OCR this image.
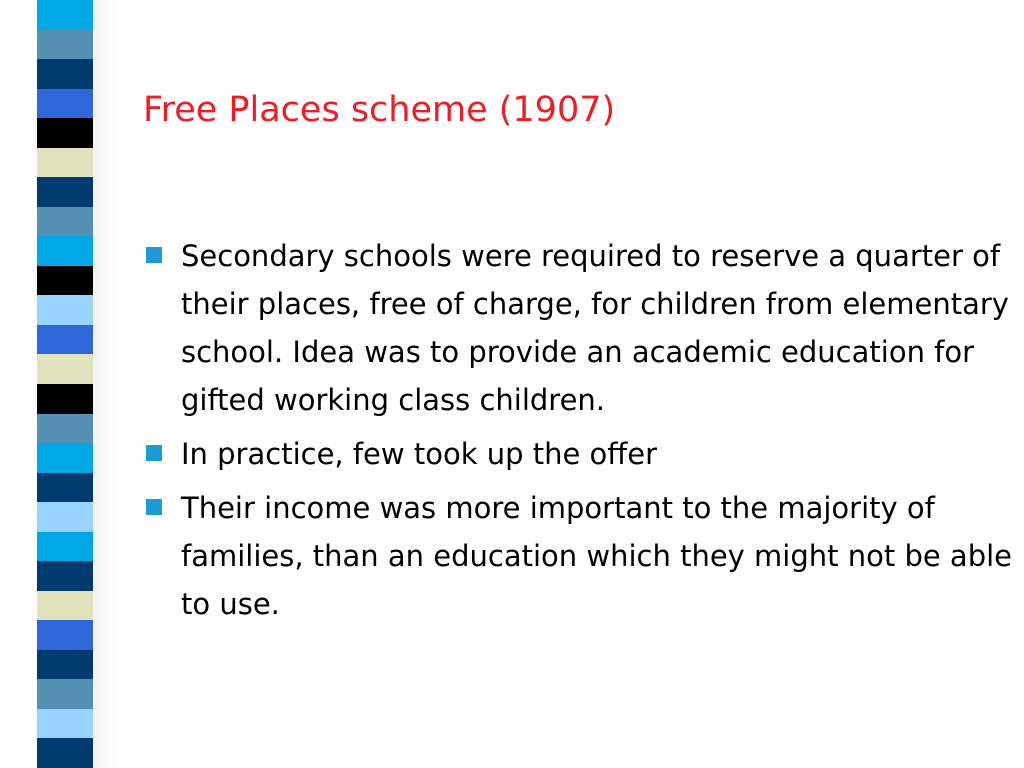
Free Places scheme (1907)
Secondary schools were required to reserve a quarter of their places, free of charge, for children from elementary school. Idea was to provide an academic education for gifted working class children.
In practice, few took up the offer
Their income was more important to the majority of families, than an education which they might not be able to use.
